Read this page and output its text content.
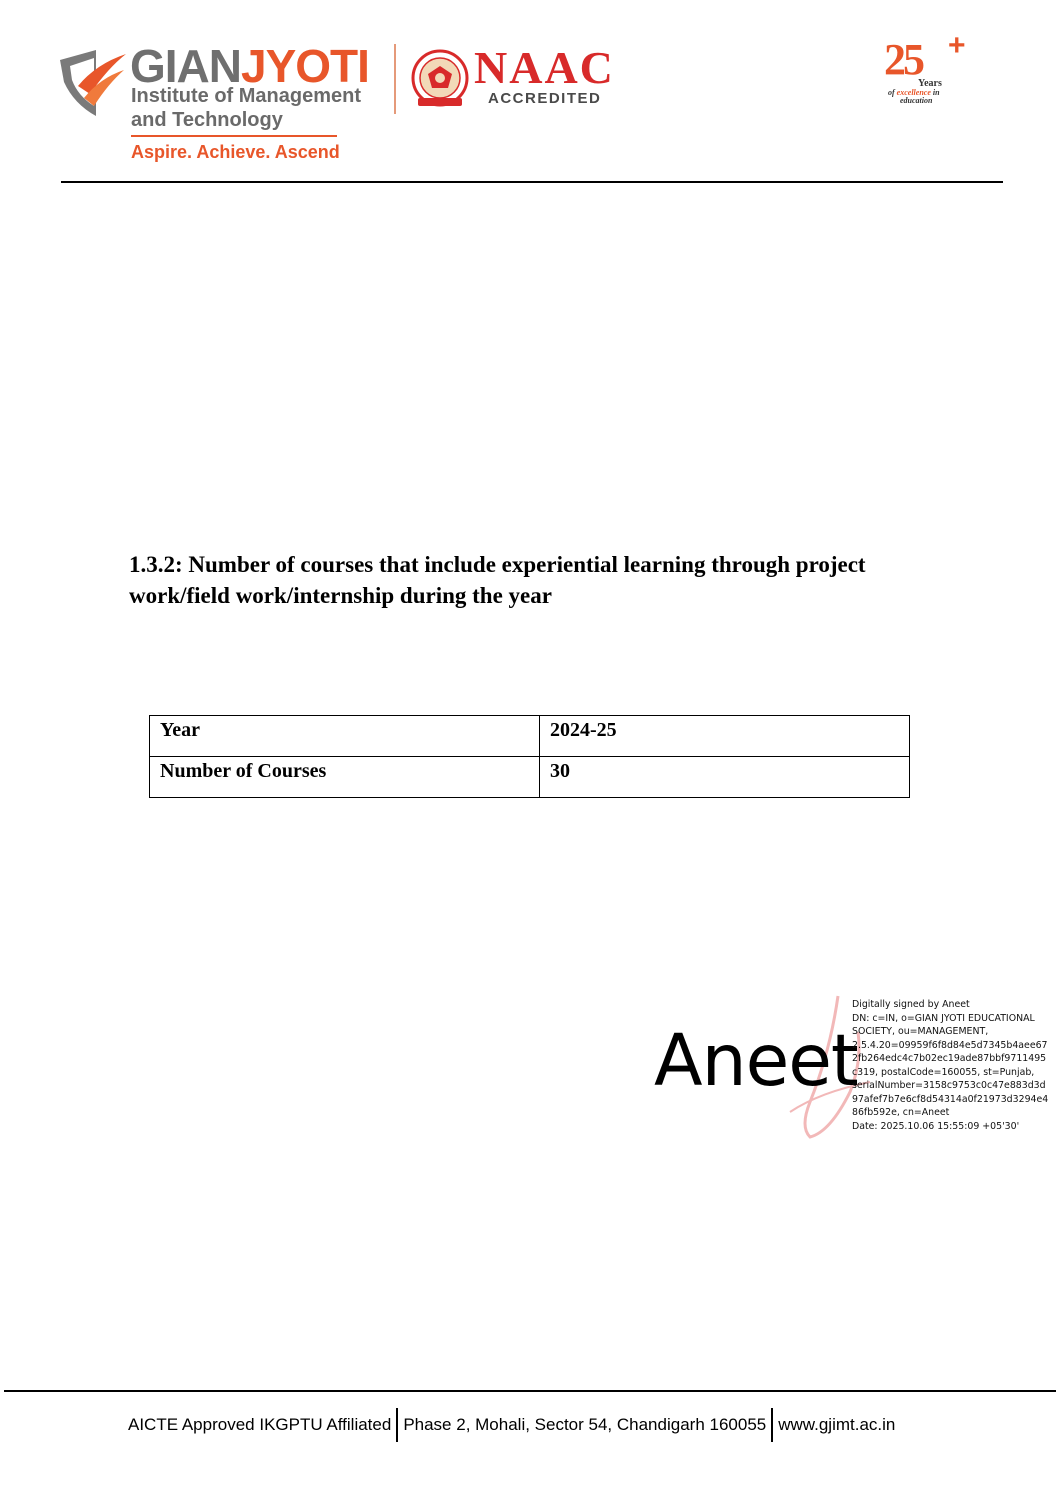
GIANJYOTI
Institute of Management
and Technology
Aspire. Achieve. Ascend
NAAC
ACCREDITED
25 +
Years
of excellence in
education
1.3.2: Number of courses that include experiential learning through project work/field work/internship during the year
Year	2024-25
Number of Courses	30
Aneet
Digitally signed by Aneet
DN: c=IN, o=GIAN JYOTI EDUCATIONAL
SOCIETY, ou=MANAGEMENT,
2.5.4.20=09959f6f8d84e5d7345b4aee67
2fb264edc4c7b02ec19ade87bbf9711495
c319, postalCode=160055, st=Punjab,
serialNumber=3158c9753c0c47e883d3d
97afef7b7e6cf8d54314a0f21973d3294e4
86fb592e, cn=Aneet
Date: 2025.10.06 15:55:09 +05'30'
AICTE Approved IKGPTU Affiliated Phase 2, Mohali, Sector 54, Chandigarh 160055 www.gjimt.ac.in
